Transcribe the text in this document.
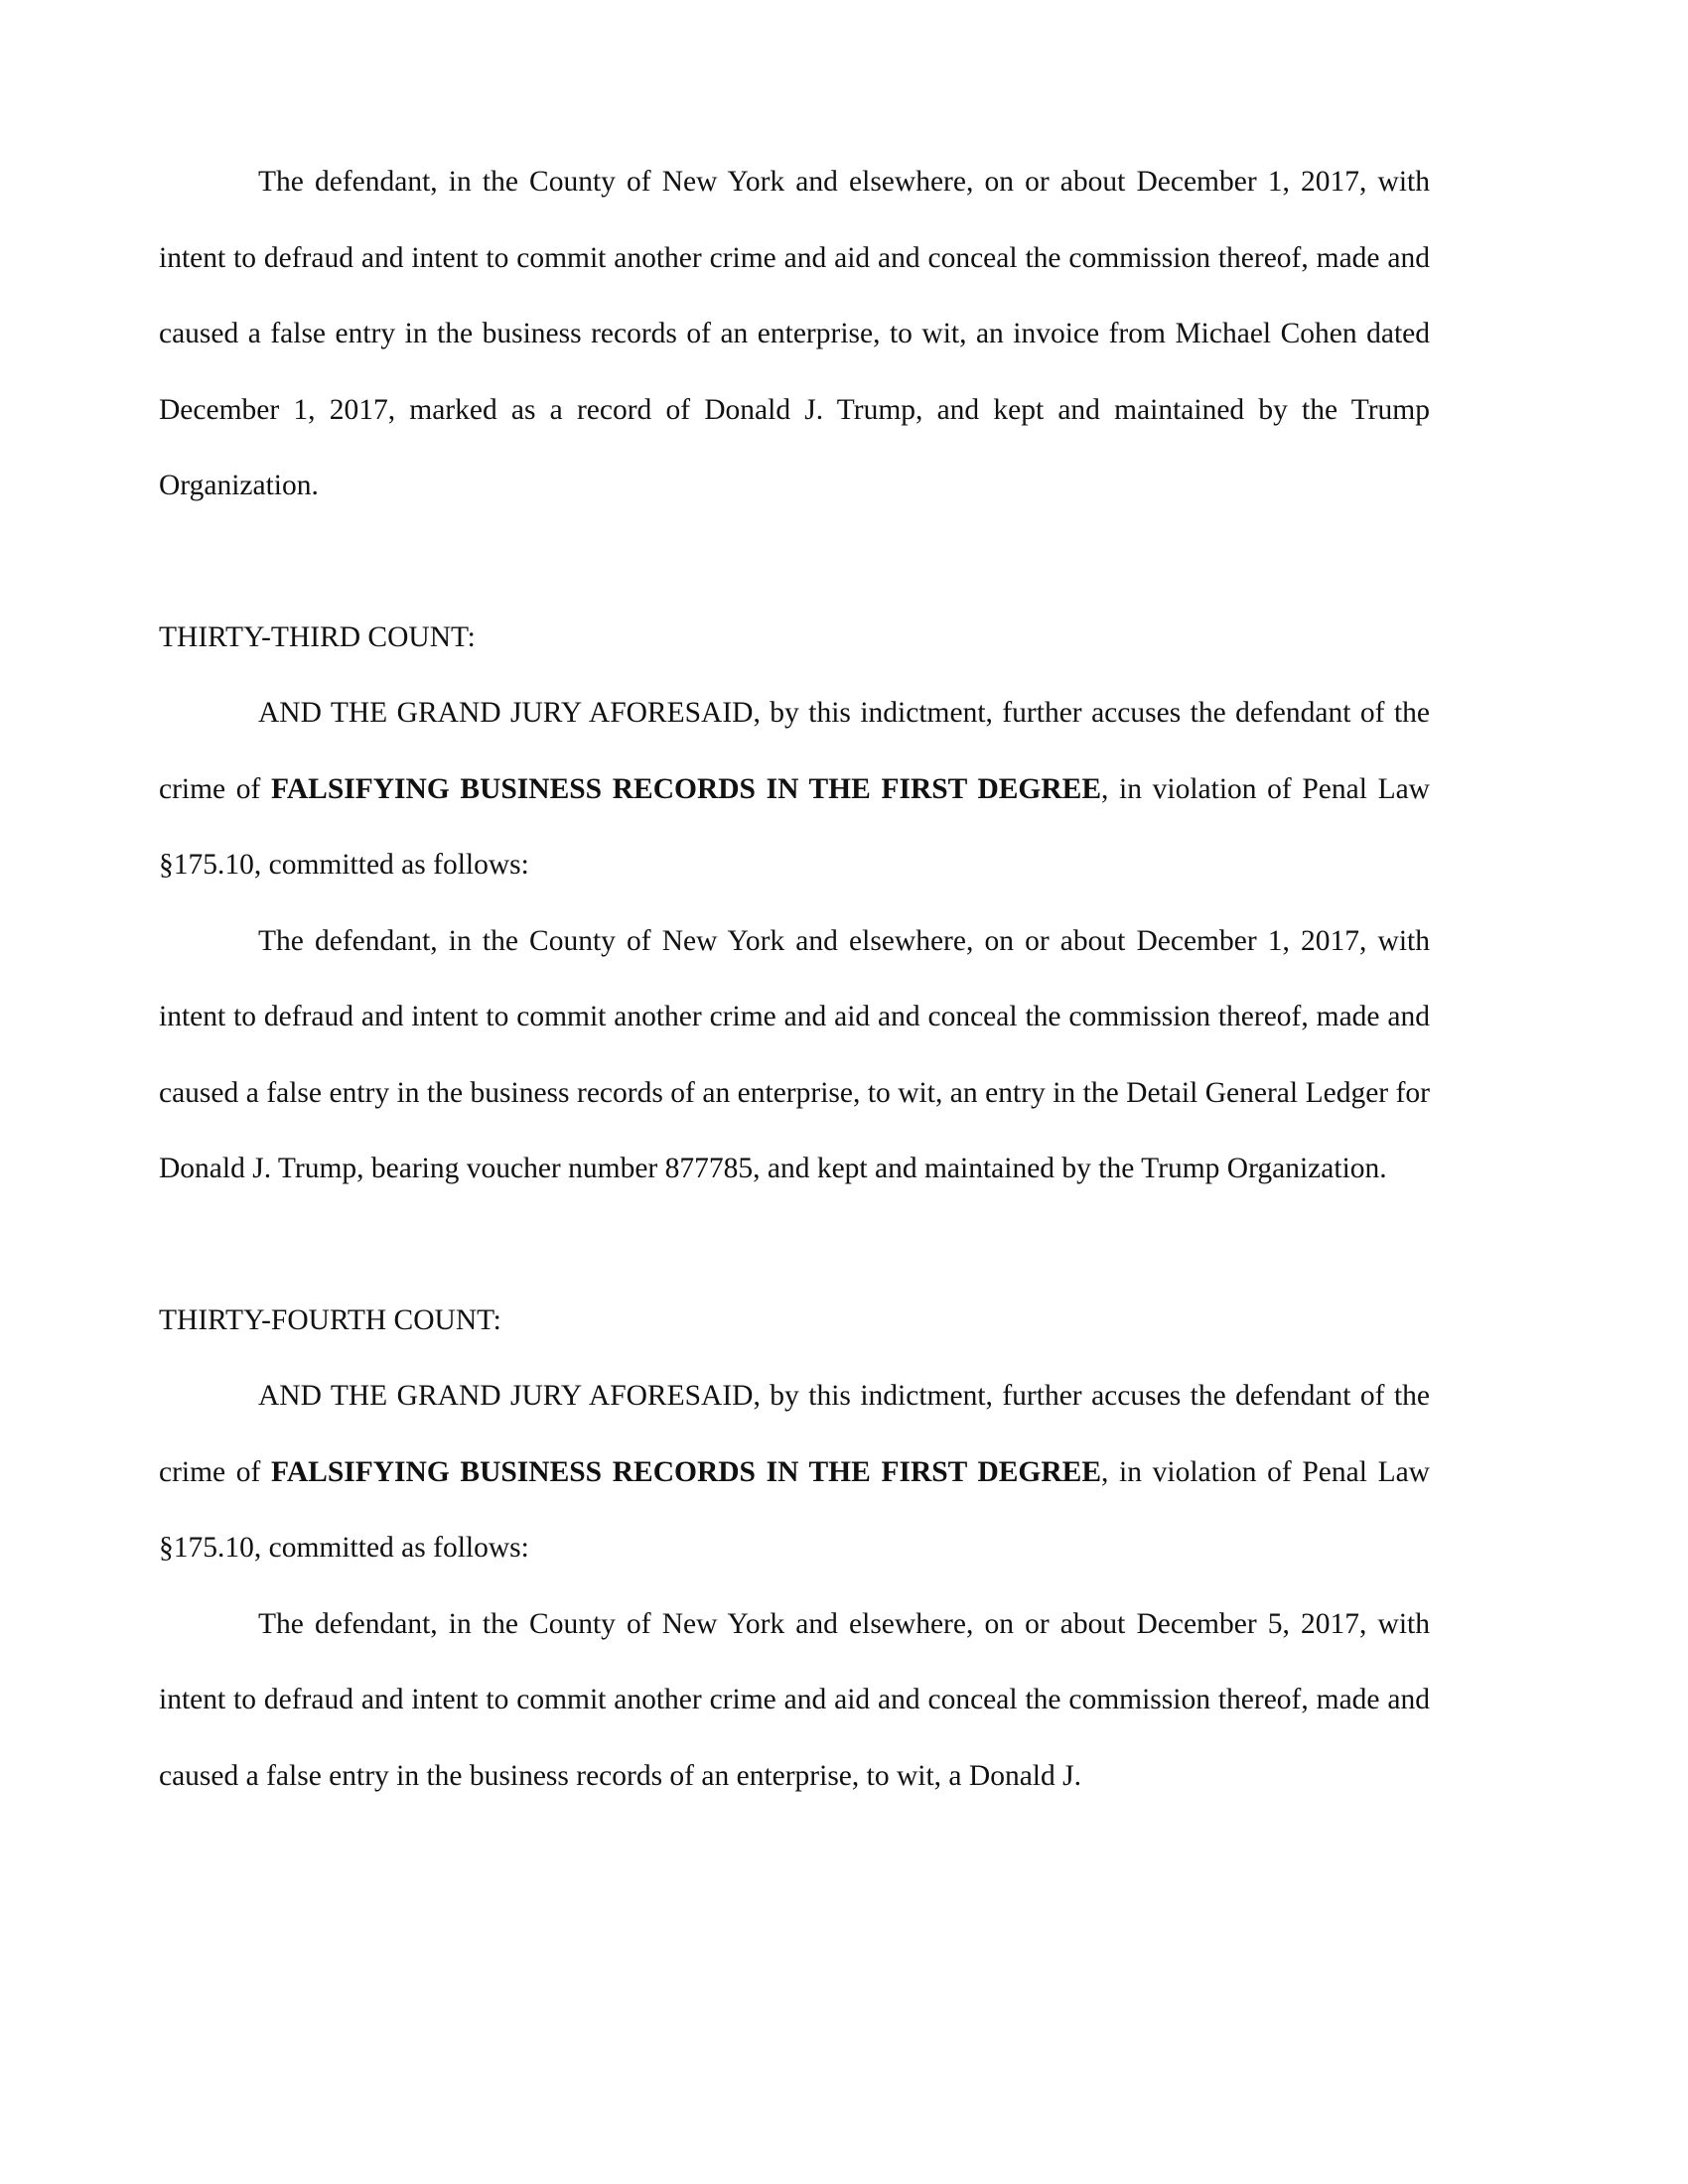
The defendant, in the County of New York and elsewhere, on or about December 1, 2017, with intent to defraud and intent to commit another crime and aid and conceal the commission thereof, made and caused a false entry in the business records of an enterprise, to wit, an invoice from Michael Cohen dated December 1, 2017, marked as a record of Donald J. Trump, and kept and maintained by the Trump Organization.

THIRTY-THIRD COUNT:

AND THE GRAND JURY AFORESAID, by this indictment, further accuses the defendant of the crime of FALSIFYING BUSINESS RECORDS IN THE FIRST DEGREE, in violation of Penal Law §175.10, committed as follows:

The defendant, in the County of New York and elsewhere, on or about December 1, 2017, with intent to defraud and intent to commit another crime and aid and conceal the commission thereof, made and caused a false entry in the business records of an enterprise, to wit, an entry in the Detail General Ledger for Donald J. Trump, bearing voucher number 877785, and kept and maintained by the Trump Organization.

THIRTY-FOURTH COUNT:

AND THE GRAND JURY AFORESAID, by this indictment, further accuses the defendant of the crime of FALSIFYING BUSINESS RECORDS IN THE FIRST DEGREE, in violation of Penal Law §175.10, committed as follows:

The defendant, in the County of New York and elsewhere, on or about December 5, 2017, with intent to defraud and intent to commit another crime and aid and conceal the commission thereof, made and caused a false entry in the business records of an enterprise, to wit, a Donald J.
